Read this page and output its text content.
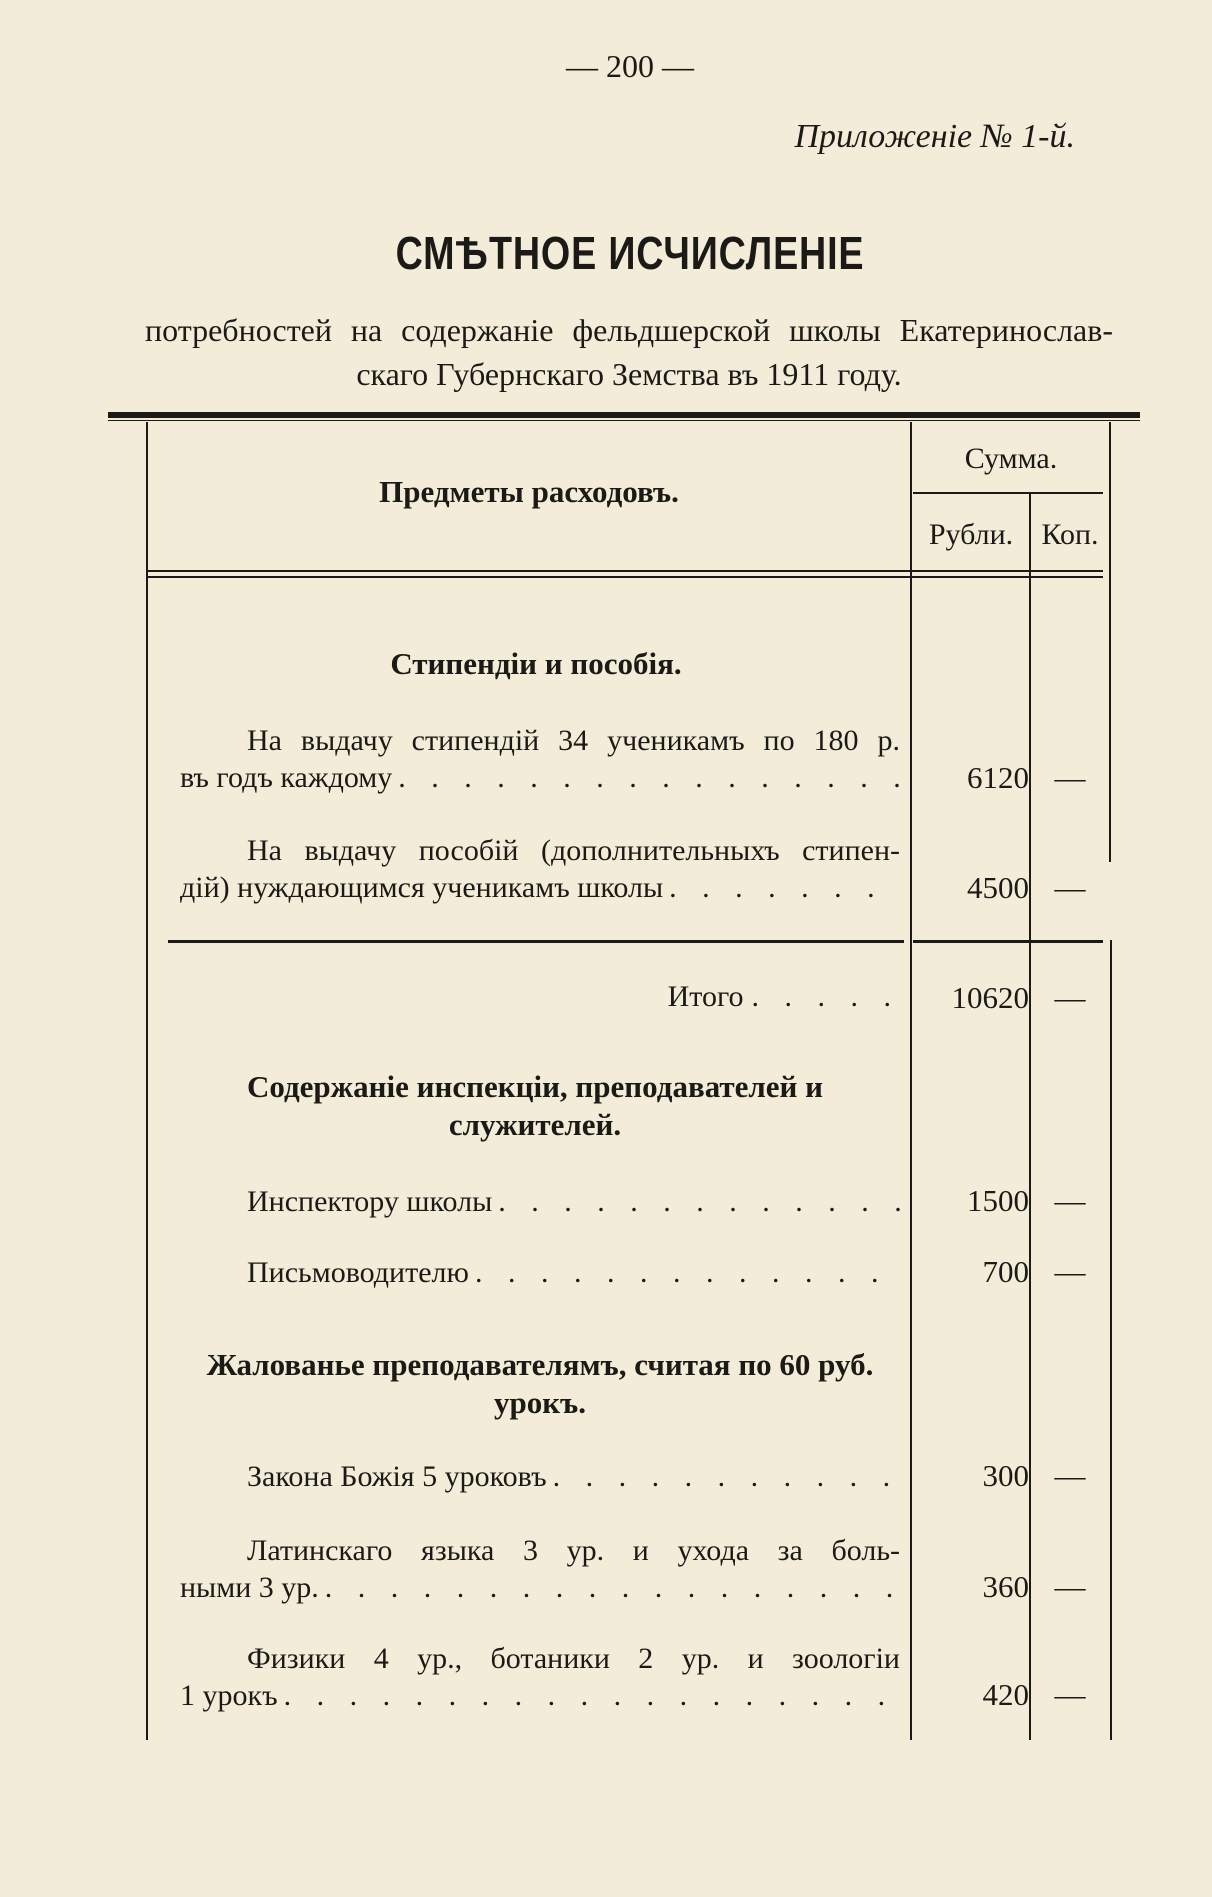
— 200 —
Приложеніе № 1-й.
СМѢТНОЕ ИСЧИСЛЕНІЕ
потребностей на содержаніе фельдшерской школы Екатеринослав-
скаго Губернскаго Земства въ 1911 году.
Предметы расходовъ.
Сумма.
Рубли. Коп.
Стипендіи и пособія.
На выдачу стипендій 34 ученикамъ по 180 р.
въ годъ каждому . . .	6120 —
На выдачу пособій (дополнительныхъ стипен-
дій) нуждающимся ученикамъ школы . . .	4500 —
Итого . . . . .	10620 —
Содержаніе инспекціи, преподавателей и служителей.
Инспектору школы . . .	1500 —
Письмоводителю . . .	700 —
Жалованье преподавателямъ, считая по 60 руб. урокъ.
Закона Божія 5 уроковъ . . .	300 —
Латинскаго языка 3 ур. и ухода за боль-
ными 3 ур. . . .	360 —
Физики 4 ур., ботаники 2 ур. и зоологіи
1 урокъ . . .	420 —
